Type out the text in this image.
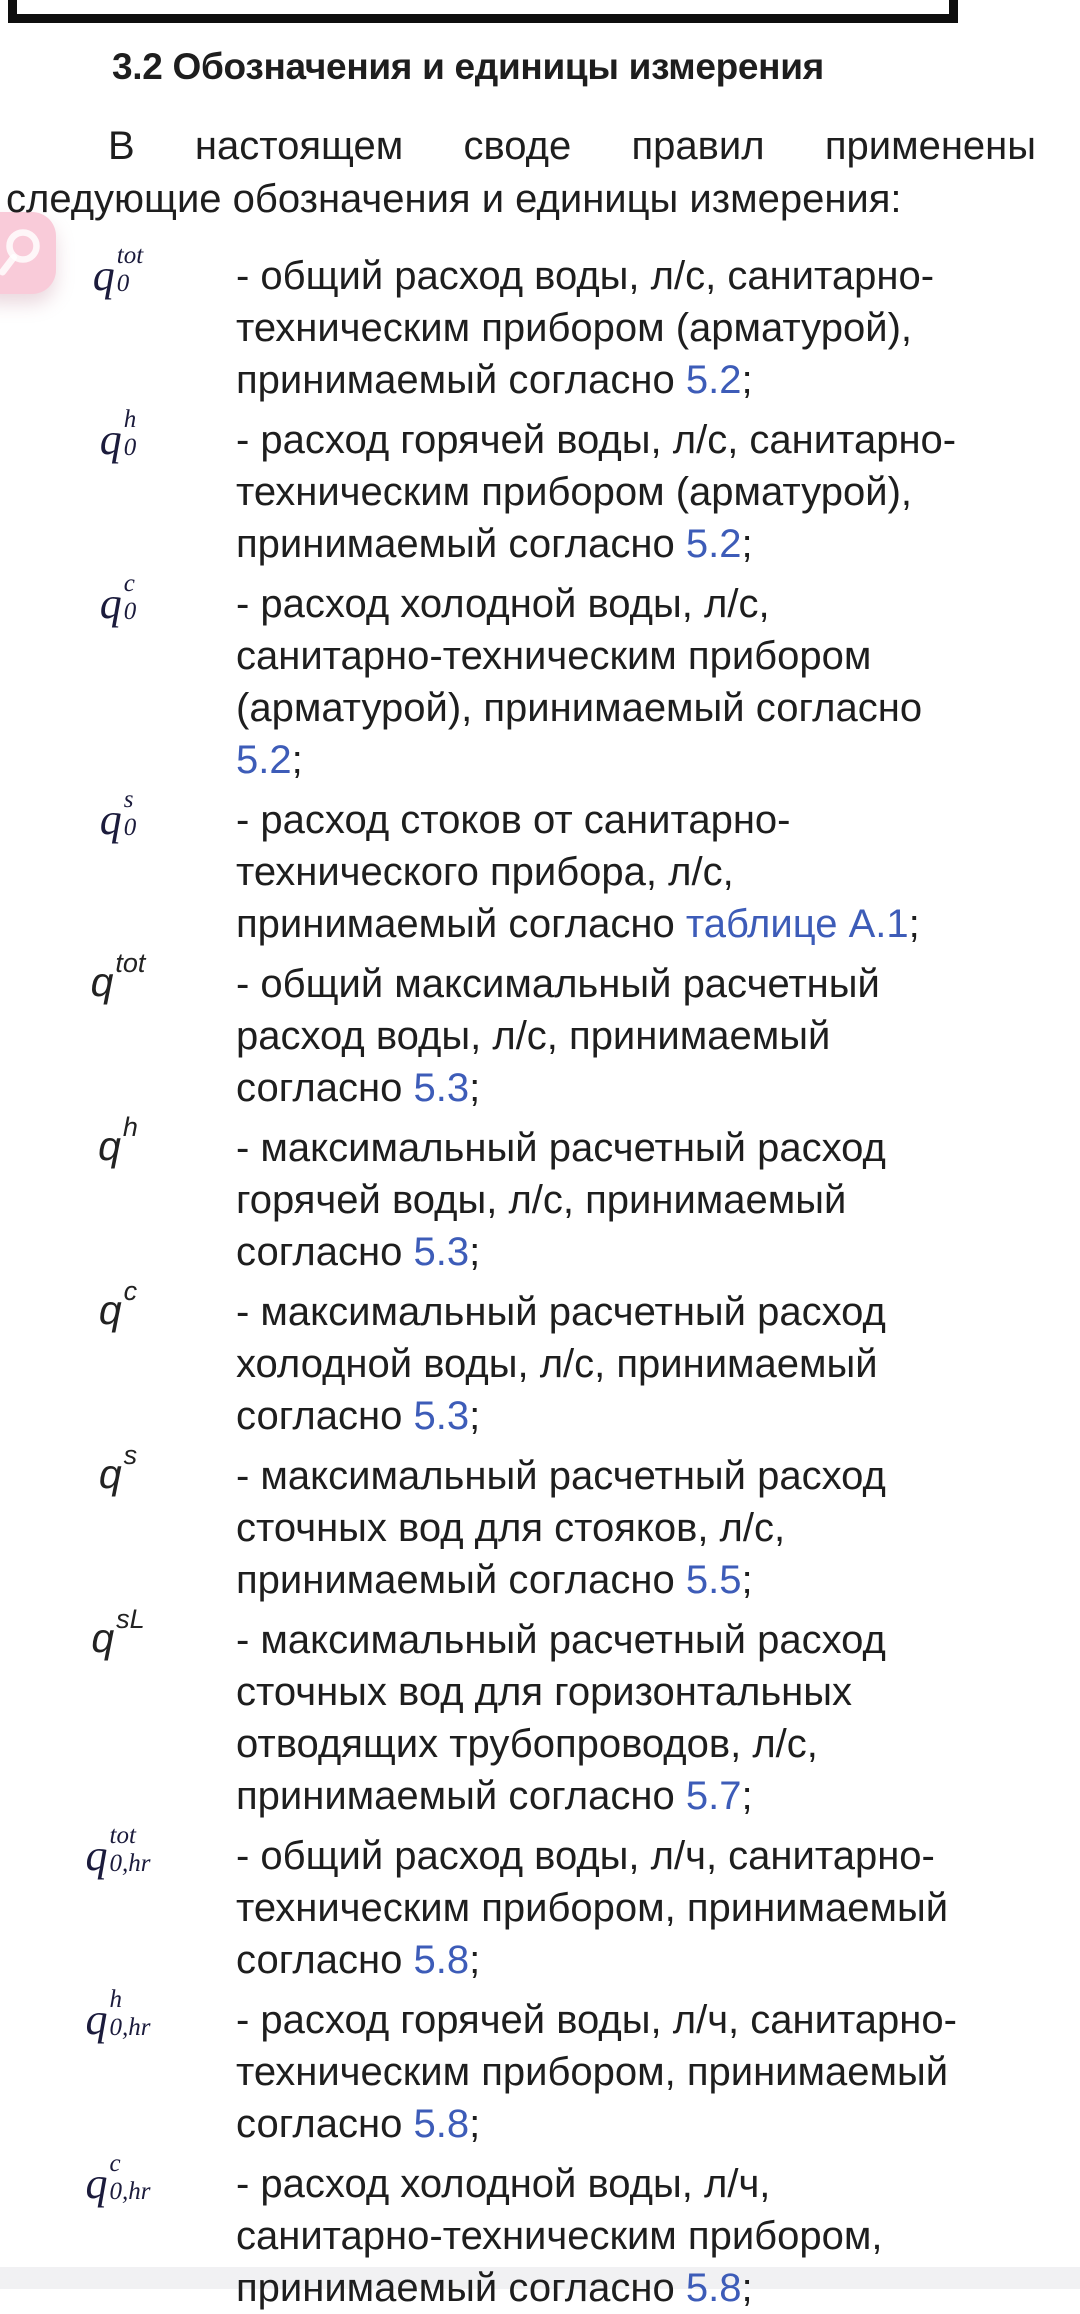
3.2 Обозначения и единицы измерения

В настоящем своде правил применены
следующие обозначения и единицы измерения:

q tot
0	- общий расход воды, л/с, санитарно-
техническим прибором (арматурой),
принимаемый согласно 5.2;
q h
0 - расход горячей воды, л/с, санитарно-
техническим прибором (арматурой),
принимаемый согласно 5.2;
q c
0 - расход холодной воды, л/с,
санитарно-техническим прибором
(арматурой), принимаемый согласно
5.2;
q s
0 - расход стоков от санитарно-
технического прибора, л/с,
принимаемый согласно таблице А.1;
q tot - общий максимальный расчетный
расход воды, л/с, принимаемый
согласно 5.3;
q h - максимальный расчетный расход
горячей воды, л/с, принимаемый
согласно 5.3;
q c - максимальный расчетный расход
холодной воды, л/с, принимаемый
согласно 5.3;
q s - максимальный расчетный расход
сточных вод для стояков, л/с,
принимаемый согласно 5.5;
q sL - максимальный расчетный расход
сточных вод для горизонтальных
отводящих трубопроводов, л/с,
принимаемый согласно 5.7;
q tot
0,hr - общий расход воды, л/ч, санитарно-
техническим прибором, принимаемый
согласно 5.8;
q h
0,hr - расход горячей воды, л/ч, санитарно-
техническим прибором, принимаемый
согласно 5.8;
q c
0,hr - расход холодной воды, л/ч,
санитарно-техническим прибором,
принимаемый согласно 5.8;
